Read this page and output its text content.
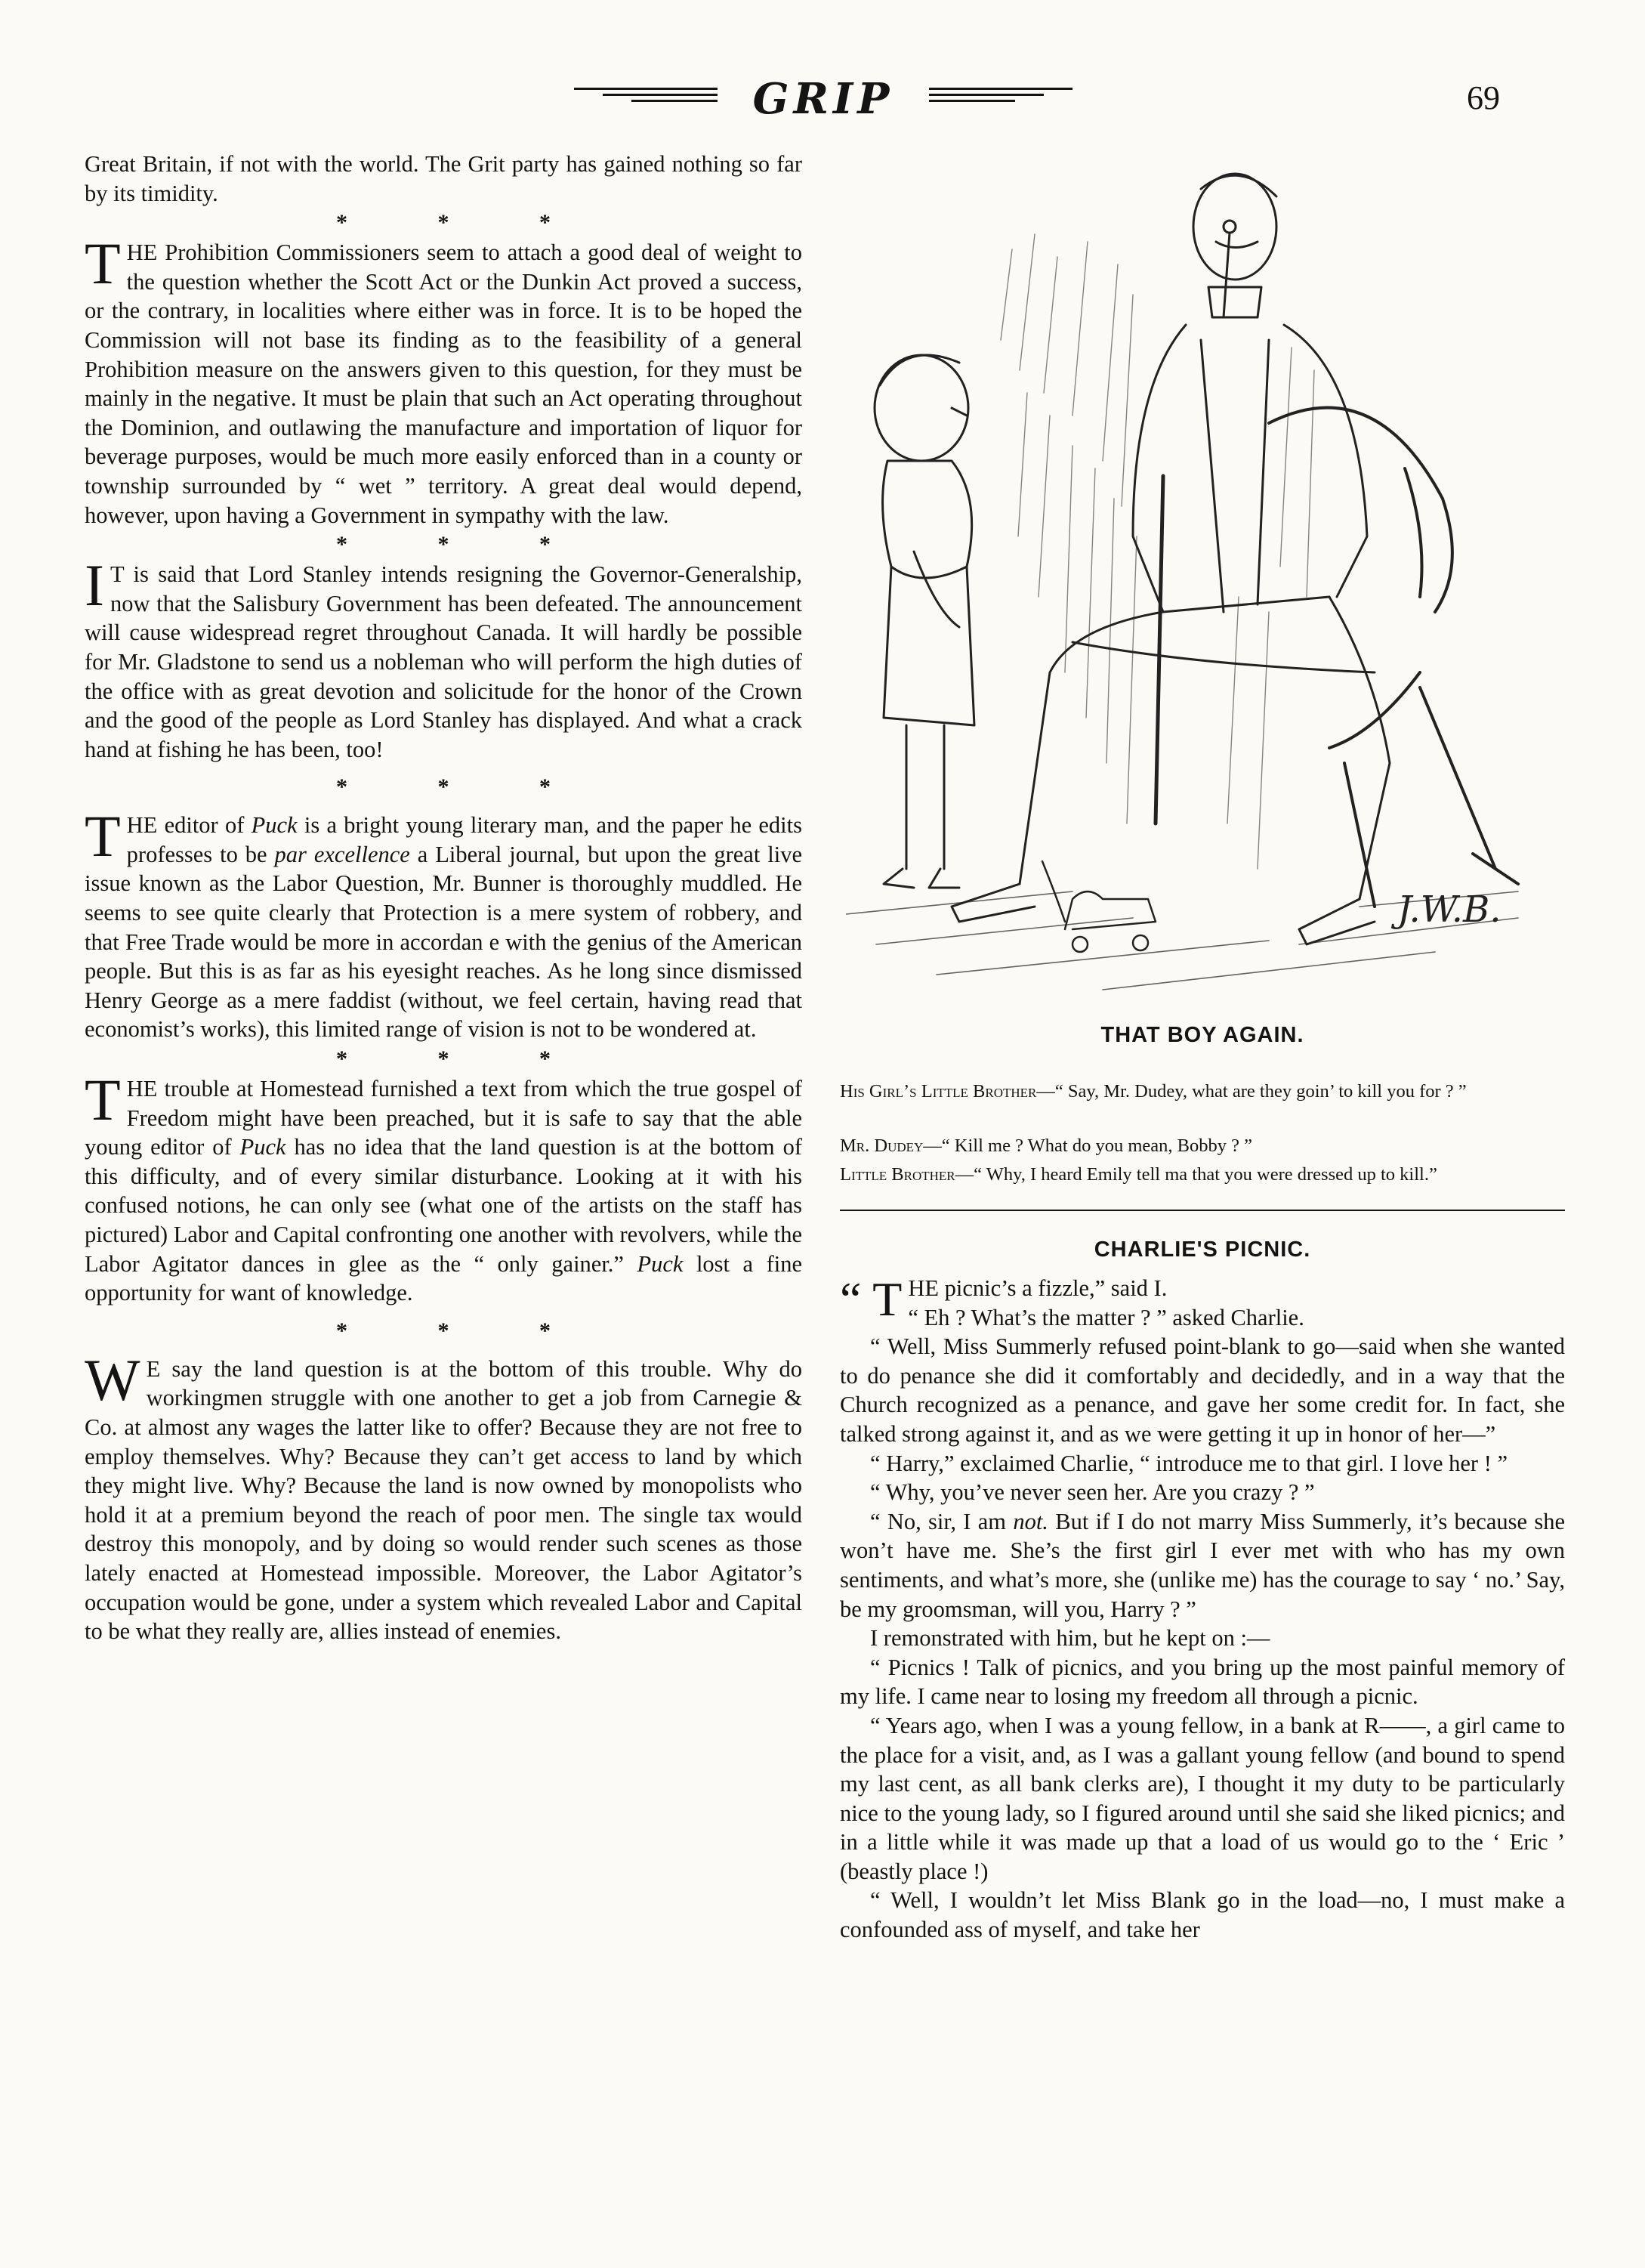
GRIP	69

Great Britain, if not with the world. The Grit party has gained nothing so far by its timidity.

* * *

THE Prohibition Commissioners seem to attach a good deal of weight to the question whether the Scott Act or the Dunkin Act proved a success, or the contrary, in localities where either was in force. It is to be hoped the Commission will not base its finding as to the feasibility of a general Prohibition measure on the answers given to this question, for they must be mainly in the negative. It must be plain that such an Act operating throughout the Dominion, and outlawing the manufacture and importation of liquor for beverage purposes, would be much more easily enforced than in a county or township surrounded by “ wet ” territory. A great deal would depend, however, upon having a Government in sympathy with the law.

* * *

I T is said that Lord Stanley intends resigning the Governor-Generalship, now that the Salisbury Government has been defeated. The announcement will cause widespread regret throughout Canada. It will hardly be possible for Mr. Gladstone to send us a nobleman who will perform the high duties of the office with as great devotion and solicitude for the honor of the Crown and the good of the people as Lord Stanley has displayed. And what a crack hand at fishing he has been, too!

* * *

THE editor of Puck is a bright young literary man, and the paper he edits professes to be par excellence a Liberal journal, but upon the great live issue known as the Labor Question, Mr. Bunner is thoroughly muddled. He seems to see quite clearly that Protection is a mere system of robbery, and that Free Trade would be more in accordan e with the genius of the American people. But this is as far as his eyesight reaches. As he long since dismissed Henry George as a mere faddist (without, we feel certain, having read that economist’s works), this limited range of vision is not to be wondered at.

* * *

THE trouble at Homestead furnished a text from which the true gospel of Freedom might have been preached, but it is safe to say that the able young editor of Puck has no idea that the land question is at the bottom of this difficulty, and of every similar disturbance. Looking at it with his confused notions, he can only see (what one of the artists on the staff has pictured) Labor and Capital confronting one another with revolvers, while the Labor Agitator dances in glee as the “ only gainer.” Puck lost a fine opportunity for want of knowledge.

* * *

W E say the land question is at the bottom of this trouble. Why do workingmen struggle with one another to get a job from Carnegie & Co. at almost any wages the latter like to offer? Because they are not free to employ themselves. Why? Because they can’t get access to land by which they might live. Why? Because the land is now owned by monopolists who hold it at a premium beyond the reach of poor men. The single tax would destroy this monopoly, and by doing so would render such scenes as those lately enacted at Homestead impossible. Moreover, the Labor Agitator’s occupation would be gone, under a system which revealed Labor and Capital to be what they really are, allies instead of enemies.

J.W.B.
THAT BOY AGAIN.

His Girl’s Little Brother—“ Say, Mr. Dudey, what are they goin’ to kill you for ? ”

Mr. Dudey—“ Kill me ? What do you mean, Bobby ? ”

Little Brother—“ Why, I heard Emily tell ma that you were dressed up to kill.”

CHARLIE'S PICNIC.

“ T HE picnic’s a fizzle,” said I.

“ Eh ? What’s the matter ? ” asked Charlie.

“ Well, Miss Summerly refused point-blank to go—said when she wanted to do penance she did it comfortably and decidedly, and in a way that the Church recognized as a penance, and gave her some credit for. In fact, she talked strong against it, and as we were getting it up in honor of her—”

“ Harry,” exclaimed Charlie, “ introduce me to that girl. I love her ! ”

“ Why, you’ve never seen her. Are you crazy ? ”

“ No, sir, I am not. But if I do not marry Miss Summerly, it’s because she won’t have me. She’s the first girl I ever met with who has my own sentiments, and what’s more, she (unlike me) has the courage to say ‘ no.’ Say, be my groomsman, will you, Harry ? ”

I remonstrated with him, but he kept on :—

“ Picnics ! Talk of picnics, and you bring up the most painful memory of my life. I came near to losing my freedom all through a picnic.

“ Years ago, when I was a young fellow, in a bank at R——, a girl came to the place for a visit, and, as I was a gallant young fellow (and bound to spend my last cent, as all bank clerks are), I thought it my duty to be particularly nice to the young lady, so I figured around until she said she liked picnics; and in a little while it was made up that a load of us would go to the ‘ Eric ’ (beastly place !)

“ Well, I wouldn’t let Miss Blank go in the load—no, I must make a confounded ass of myself, and take her
